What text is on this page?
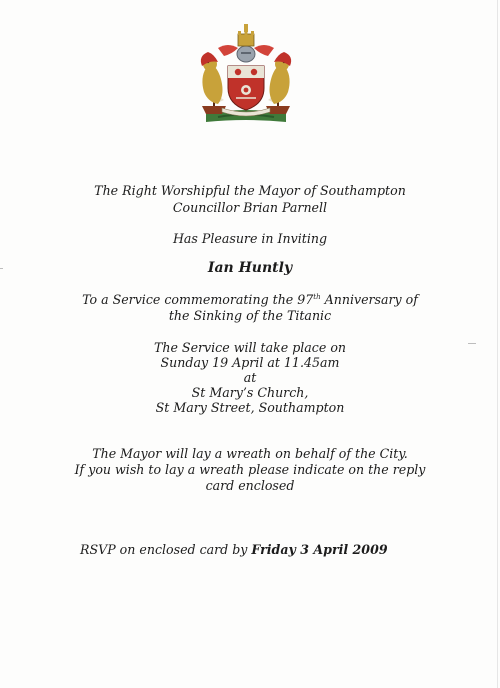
The Right Worshipful the Mayor of Southampton
Councillor Brian Parnell
Has Pleasure in Inviting
Ian Huntly
To a Service commemorating the 97th Anniversary of
the Sinking of the Titanic
The Service will take place on
Sunday 19 April at 11.45am
at
St Mary’s Church,
St Mary Street, Southampton
The Mayor will lay a wreath on behalf of the City.
If you wish to lay a wreath please indicate on the reply
card enclosed
RSVP on enclosed card by Friday 3 April 2009
